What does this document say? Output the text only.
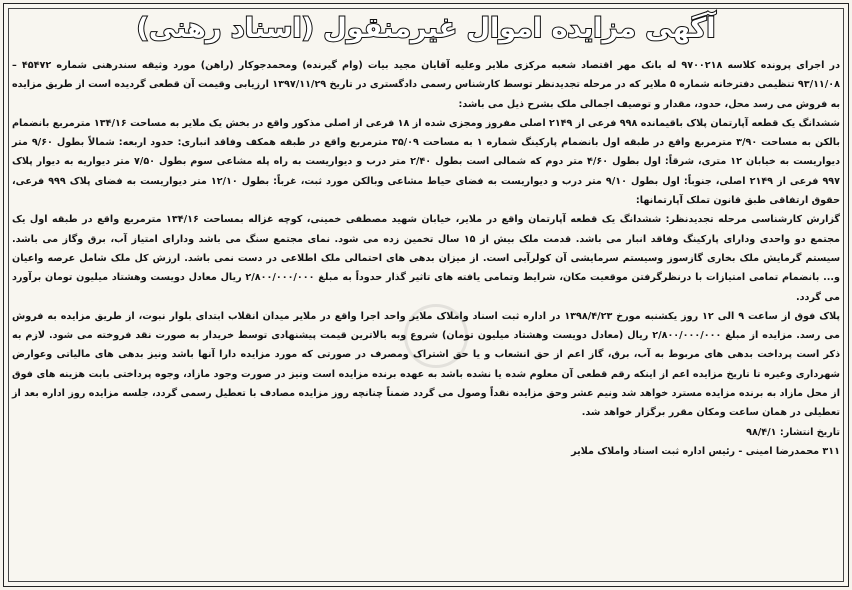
آگهی مزایده اموال غیرمنقول (اسناد رهنی)

در اجرای پرونده کلاسه ۹۷۰۰۲۱۸ له بانک مهر اقتصاد شعبه مرکزی ملایر وعلیه آقایان مجید بیات (وام گیرنده) ومحمدجوکار (راهن) مورد وثیقه سندرهنی شماره ۴۵۴۷۲ – ۹۳/۱۱/۰۸ تنظیمی دفترخانه شماره ۵ ملایر که در مرحله تجدیدنظر توسط کارشناس رسمی دادگستری در تاریخ ۱۳۹۷/۱۱/۲۹ ارزیابی وقیمت آن قطعی گردیده است از طریق مزایده به فروش می رسد محل، حدود، مقدار و توصیف اجمالی ملک بشرح ذیل می باشد:

ششدانگ یک قطعه آپارتمان پلاک باقیمانده ۹۹۸ فرعی از ۲۱۴۹ اصلی مفروز ومجزی شده از ۱۸ فرعی از اصلی مذکور واقع در بخش یک ملایر به مساحت ۱۳۴/۱۶ مترمربع بانضمام بالکن به مساحت ۳/۹۰ مترمربع واقع در طبقه اول بانضمام پارکینگ شماره ۱ به مساحت ۳۵/۰۹ مترمربع واقع در طبقه همکف وفاقد انباری: حدود اربعه: شمالاً بطول ۹/۶۰ متر دیواریست به خیابان ۱۲ متری، شرقاً: اول بطول ۴/۶۰ متر دوم که شمالی است بطول ۲/۴۰ متر درب و دیواریست به راه پله مشاعی سوم بطول ۷/۵۰ متر دیواریه به دیوار پلاک ۹۹۷ فرعی از ۲۱۴۹ اصلی، جنوباً: اول بطول ۹/۱۰ متر درب و دیواریست به فضای حیاط مشاعی وبالکن مورد ثبت، غرباً: بطول ۱۲/۱۰ متر دیواریست به فضای پلاک ۹۹۹ فرعی، حقوق ارتفاقی طبق قانون تملک آپارتمانها:

گزارش کارشناسی مرحله تجدیدنظر: ششدانگ یک قطعه آپارتمان واقع در ملایر، خیابان شهید مصطفی خمینی، کوچه غزاله بمساحت ۱۳۴/۱۶ مترمربع واقع در طبقه اول یک مجتمع دو واحدی ودارای پارکینگ وفاقد انبار می باشد. قدمت ملک بیش از ۱۵ سال تخمین زده می شود. نمای مجتمع سنگ می باشد ودارای امتیاز آب، برق وگاز می باشد. سیستم گرمایش ملک بخاری گازسوز وسیستم سرمایشی آن کولرآبی است. از میزان بدهی های احتمالی ملک اطلاعی در دست نمی باشد. ارزش کل ملک شامل عرصه واعیان و... بانضمام تمامی امتیازات با درنظرگرفتن موقعیت مکان، شرایط وتمامی یافته های تاثیر گذار حدوداً به مبلغ ۲/۸۰۰/۰۰۰/۰۰۰ ریال معادل دویست وهشتاد میلیون تومان برآورد می گردد.

پلاک فوق از ساعت ۹ الی ۱۲ روز یکشنبه مورخ ۱۳۹۸/۴/۲۳ در اداره ثبت اسناد واملاک ملایر واحد اجرا واقع در ملایر میدان انقلاب ابتدای بلوار نبوت، از طریق مزایده به فروش می رسد. مزایده از مبلغ ۲/۸۰۰/۰۰۰/۰۰۰ ریال (معادل دویست وهشتاد میلیون تومان) شروع وبه بالاترین قیمت پیشنهادی توسط خریدار به صورت نقد فروخته می شود. لازم به ذکر است پرداخت بدهی های مربوط به آب، برق، گاز اعم از حق انشعاب و یا حق اشتراک ومصرف در صورتی که مورد مزایده دارا آنها باشد ونیز بدهی های مالیاتی وعوارض شهرداری وغیره تا تاریخ مزایده اعم از اینکه رقم قطعی آن معلوم شده یا نشده باشد به عهده برنده مزایده است ونیز در صورت وجود مازاد، وجوه پرداختی بابت هزینه های فوق از محل مازاد به برنده مزایده مسترد خواهد شد ونیم عشر وحق مزایده نقداً وصول می گردد ضمناً چنانچه روز مزایده مصادف با تعطیل رسمی گردد، جلسه مزایده روز اداره بعد از تعطیلی در همان ساعت ومکان مقرر برگزار خواهد شد.

تاریخ انتشار: ۹۸/۴/۱

۳۱۱ محمدرضا امینی - رئیس اداره ثبت اسناد واملاک ملایر
